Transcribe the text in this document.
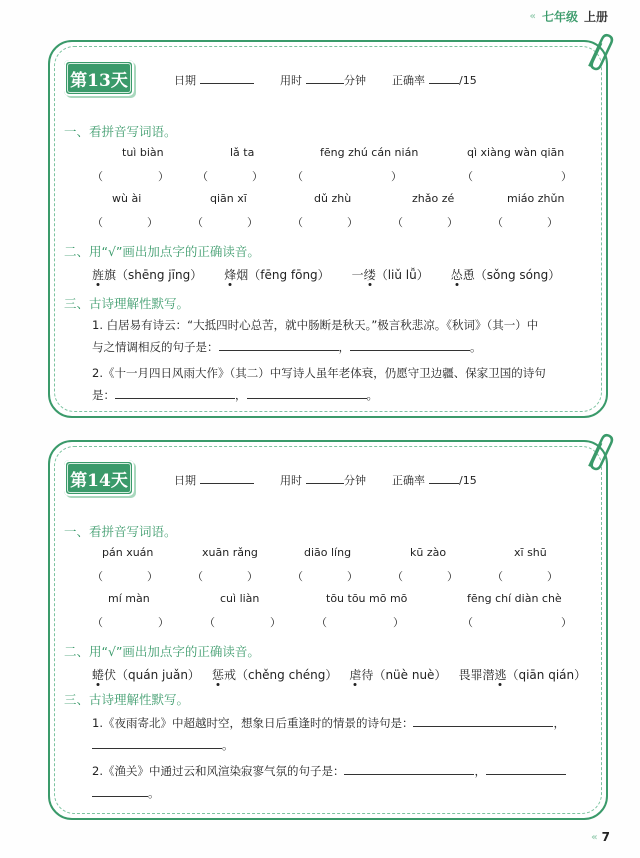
« 七年级 上册
第13天	日期	用时	分钟 正确率	/15
一、看拼音写词语。
tuì biàn	lǎ ta	fēng zhú cán nián	qì xiàng wàn qiān
（　　　　　）	（　　　　）	（　　　　　　　　）	（　　　　　　　　）
wù ài	qiān xī	dǔ zhù	zhǎo zé	miáo zhǔn
（　　　　）	（　　　　）	（　　　　）	（　　　　）	（　　　　）
二、用“√”画出加点字的正确读音。
旌旗（shēng jīng） 烽烟（fēng fōng） 一缕（liǔ lǚ） 怂恿（sǒng sóng）
三、古诗理解性默写。
1. 白居易有诗云：“大抵四时心总苦，就中肠断是秋天。”极言秋悲凉。《秋词》（其一）中
与之情调相反的句子是：	，	。
2.《十一月四日风雨大作》（其二）中写诗人虽年老体衰，仍愿守卫边疆、保家卫国的诗句
是：	，	。
第14天	日期	用时	分钟 正确率	/15
一、看拼音写词语。
pán xuán	xuān rǎng	diāo líng	kū zào	xī shū
（　　　　）	（　　　　）	（　　　　）	（　　　　）	（　　　　）
mí màn	cuì liàn	tōu tōu mō mō	fēng chí diàn chè
（　　　　　）	（　　　　　）	（　　　　　　）	（　　　　　　　　）
二、用“√”画出加点字的正确读音。
蜷伏（quán juǎn） 惩戒（chěng chéng） 虐待（nüè nuè） 畏罪潜逃（qiān qián）
三、古诗理解性默写。
1.《夜雨寄北》中超越时空，想象日后重逢时的情景的诗句是：	，
。
2.《渔关》中通过云和风渲染寂寥气氛的句子是：	，
。
« 7
